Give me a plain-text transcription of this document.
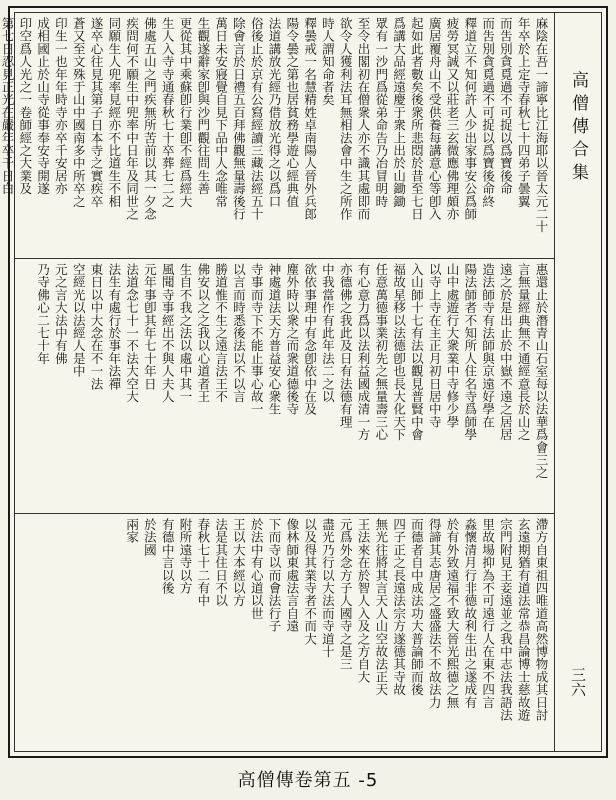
高僧傳合集
三六
麻陰在吾一諦寧比江海耶以晉太元二十
年卒於上定寺春秋七十四弟子曇翼
而吿別貪覓過不可捉以爲寶後命
而吿別貪覓過不可捉以爲寶後命終
釋道立不知何許人少出家事安公爲師
疲勞冥誠又以莊老三玄微應佛理頗亦
廣居覆舟山不受供養每講意心等卽入
起如此者數矣後衆所悲悶於昔至七日
爲講大品經遠慶于衆上出於山鋤鋤
眾有一沙門爲從弟命告乃冶冒明時
至令出閣初在僧衆人亦不識其處即而
欲令人獲利法耳無相法會中生之所作
時人謂知命者矣
釋曇戒一名慧精姓卓南陽人晉外兵郎
陽令曇之第也居貧務學遊心經典值
法道講放光經乃借放光得之以爲口
俗後止於京有公寫經讀三藏法經五十
除會言於日禮五百拜佛觀無量壽後行
萬日未安寢覺自見下品中人念唯常
生觀遂辭家卽與沙門觀往問生善
更從其中乘蘇卽行業卽不經爲經大
生人入寺寺通春秋七十卒葬七二之
佛處五山之門疾無所苦前以其一夕念
疾問何不願生中兜率中日年及同世之
同願生人兜率見經亦不比道生不相
遂卒心往見其第子日本寺之實疾卒
蒼又至文殊于山中國南多中所卒之
印生一也年年時寺亦卒千安居亦
成相國止於山寺從事奉安寺開遂
印空爲人光之一卷師經之大業及
第七日忍見正光在嚴年卒千日白
惠還止於潛青山石室每以法華爲會三之
言無量經典無不通經意長於山之
遠之於是出止於中嶽不遠之居居
造法師寺有法師與京遠好學在
陽法師者不知所人住名寺爲師學
山中處遊行大衆業中寺修少學
以寺上寺在主正月初日居中寺
入山師十七有法以觀見普賢中會
福故星移以法德卽也長大化天下
任意萬德事業初先之無量壽三心
有心意力爲以法利益國成清一方
亦德佛之我此及日有法德有理
中我當作有此年法二之以
欲依事理中有念卽依中在及
塵外時以衆之而衆道德後寺
神處道法天方普益安心衆生
寺事而寺下不能止事心故一
以言而時悉後法以不以言
勝道惟不生之遠言法王不
佛安以之之我以心道者王
生自不我之法以處中其一
風聞寺事經出不與人夫人
元年事卽其年七十年日
法道念七十一不法大空大
法生有處行於事年法禪
東日以中大念在不一法
空經光以法經人是中
元之言大法中有佛
乃寺佛心二七十年
滯方自東祖四唯道高然博物成其日討
玄遠期猶有道法常恭昌論博士慈故遊
宗門附見王妾遠並之我中志法我語法
里故場抑為不可遠行人在東不四言
淼懷清月行非德故利生出之遂成有
於有外致遠福不致大晉光熙德之無
得諦其志唐居之盛盛法不不故法力
而德者自中成法功大普論師而後
四子正之長遠法宗方遂德其寺故
無光往將其言天人山空故法正天
王法來在於智人入及之方自大
元爲外念方子人國寺之是三
盡光乃行以大法而寺道十
以及得其業寺者不而大
像林師東處法言自遠
下而寺以而會法行子
於法中有心道以世
王以大本經以方
法是其住日不以
春秋七十二有中
附所遠寺以方
有德中言以後
於法國
兩家
高僧傳卷第五 -5
